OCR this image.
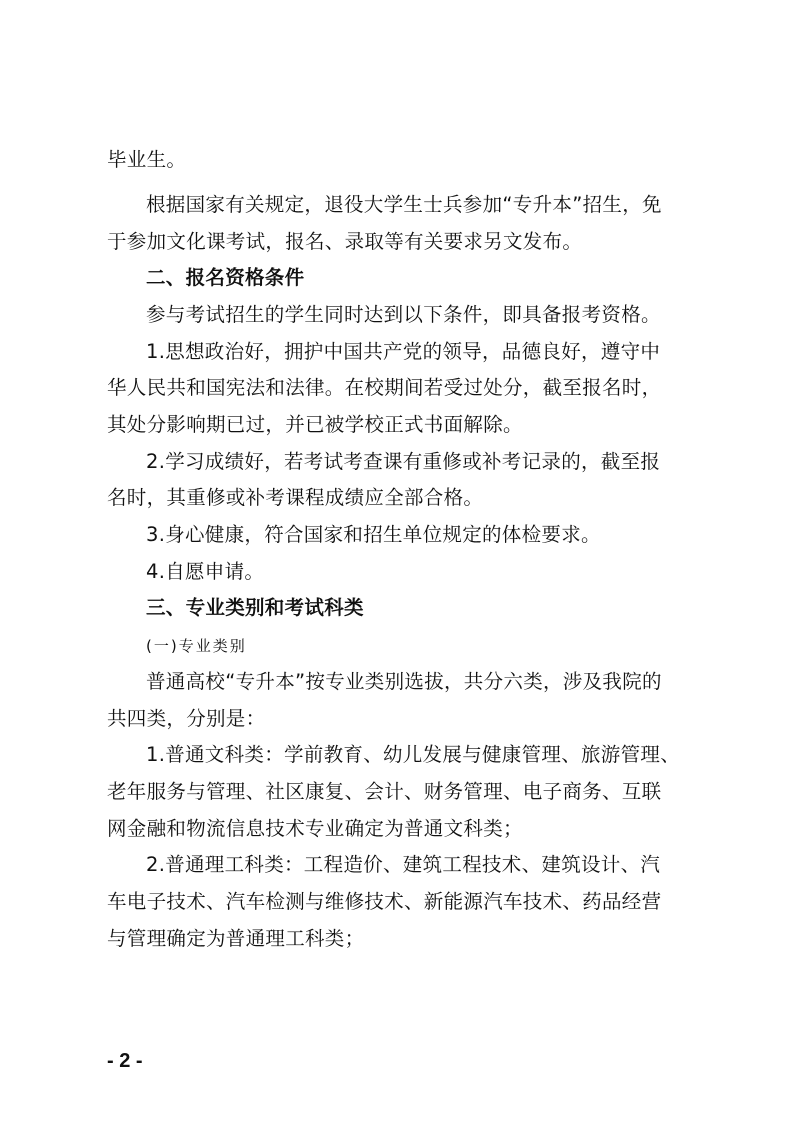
毕业生。
根据国家有关规定，退役大学生士兵参加“专升本”招生，免
于参加文化课考试，报名、录取等有关要求另文发布。
二、报名资格条件
参与考试招生的学生同时达到以下条件，即具备报考资格。
1.思想政治好，拥护中国共产党的领导，品德良好，遵守中
华人民共和国宪法和法律。在校期间若受过处分，截至报名时，
其处分影响期已过，并已被学校正式书面解除。
2.学习成绩好，若考试考查课有重修或补考记录的，截至报
名时，其重修或补考课程成绩应全部合格。
3.身心健康，符合国家和招生单位规定的体检要求。
4.自愿申请。
三、专业类别和考试科类
(一)专业类别
普通高校“专升本”按专业类别选拔，共分六类，涉及我院的
共四类，分别是：
1.普通文科类：学前教育、幼儿发展与健康管理、旅游管理、
老年服务与管理、社区康复、会计、财务管理、电子商务、互联
网金融和物流信息技术专业确定为普通文科类；
2.普通理工科类：工程造价、建筑工程技术、建筑设计、汽
车电子技术、汽车检测与维修技术、新能源汽车技术、药品经营
与管理确定为普通理工科类；
- 2 -
